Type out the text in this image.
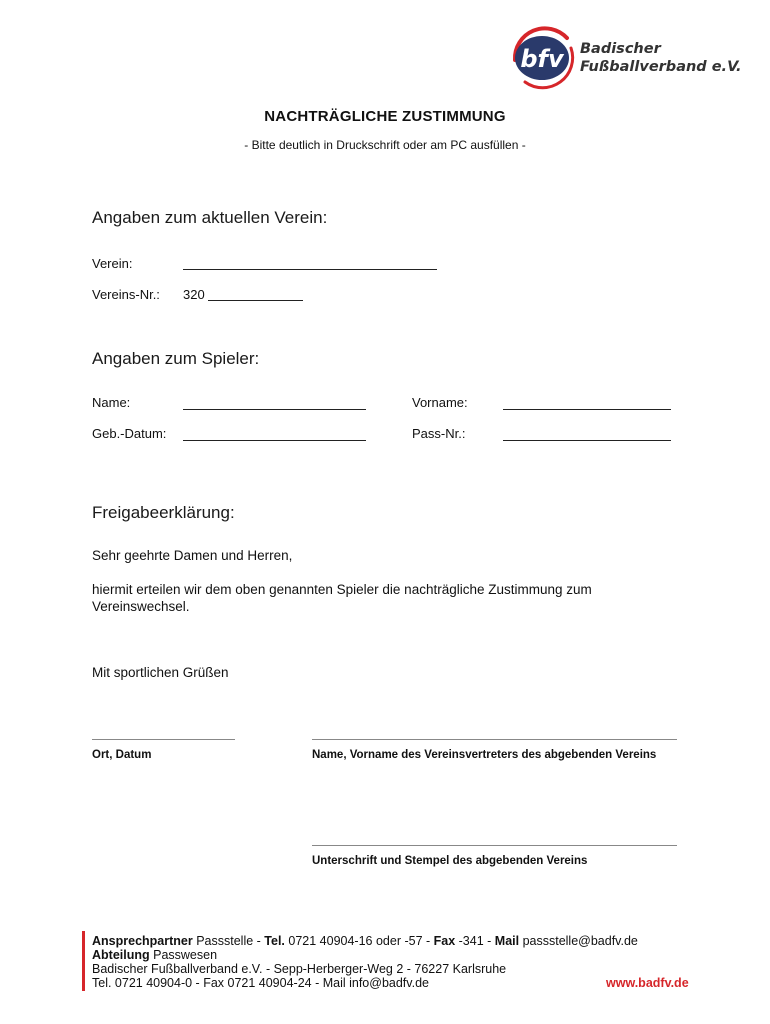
bfv Badischer
Fußballverband e.V.
NACHTRÄGLICHE ZUSTIMMUNG
- Bitte deutlich in Druckschrift oder am PC ausfüllen -
Angaben zum aktuellen Verein:
Verein:
Vereins-Nr.: 320
Angaben zum Spieler:
Name:	Vorname:
Geb.-Datum:	Pass-Nr.:
Freigabeerklärung:
Sehr geehrte Damen und Herren,
hiermit erteilen wir dem oben genannten Spieler die nachträgliche Zustimmung zum
Vereinswechsel.
Mit sportlichen Grüßen
Ort, Datum	Name, Vorname des Vereinsvertreters des abgebenden Vereins
Unterschrift und Stempel des abgebenden Vereins
Ansprechpartner Passstelle - Tel. 0721 40904-16 oder -57 - Fax -341 - Mail passstelle@badfv.de
Abteilung Passwesen
Badischer Fußballverband e.V. - Sepp-Herberger-Weg 2 - 76227 Karlsruhe
Tel. 0721 40904-0 - Fax 0721 40904-24 - Mail info@badfv.de	www.badfv.de
